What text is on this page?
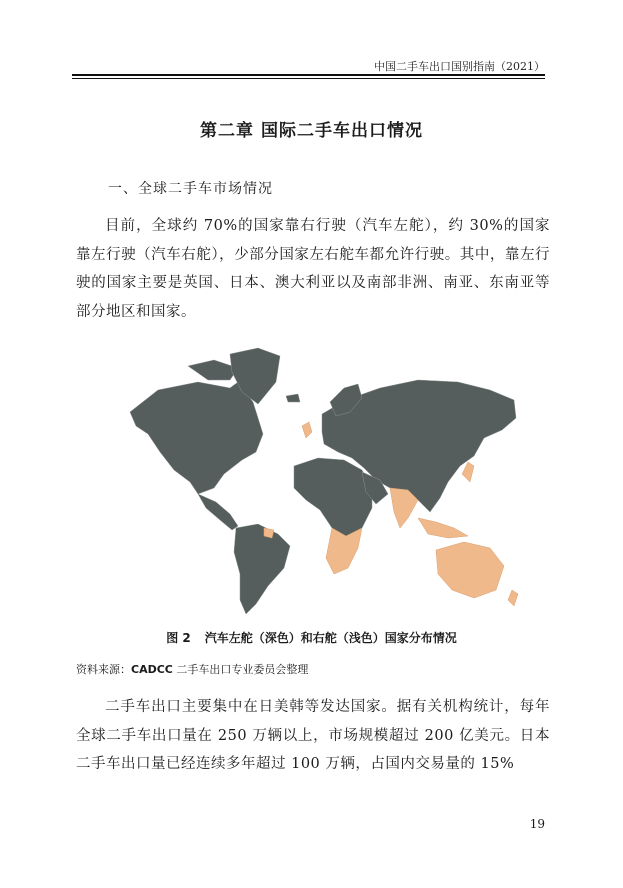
中国二手车出口国别指南（2021）
第二章 国际二手车出口情况
一、全球二手车市场情况
目前，全球约 70%的国家靠右行驶（汽车左舵），约 30%的国家靠左行驶（汽车右舵），少部分国家左右舵车都允许行驶。其中，靠左行驶的国家主要是英国、日本、澳大利亚以及南部非洲、南亚、东南亚等部分地区和国家。
图 2 汽车左舵（深色）和右舵（浅色）国家分布情况
资料来源：CADCC 二手车出口专业委员会整理
二手车出口主要集中在日美韩等发达国家。据有关机构统计，每年全球二手车出口量在 250 万辆以上，市场规模超过 200 亿美元。日本二手车出口量已经连续多年超过 100 万辆，占国内交易量的 15%
19
